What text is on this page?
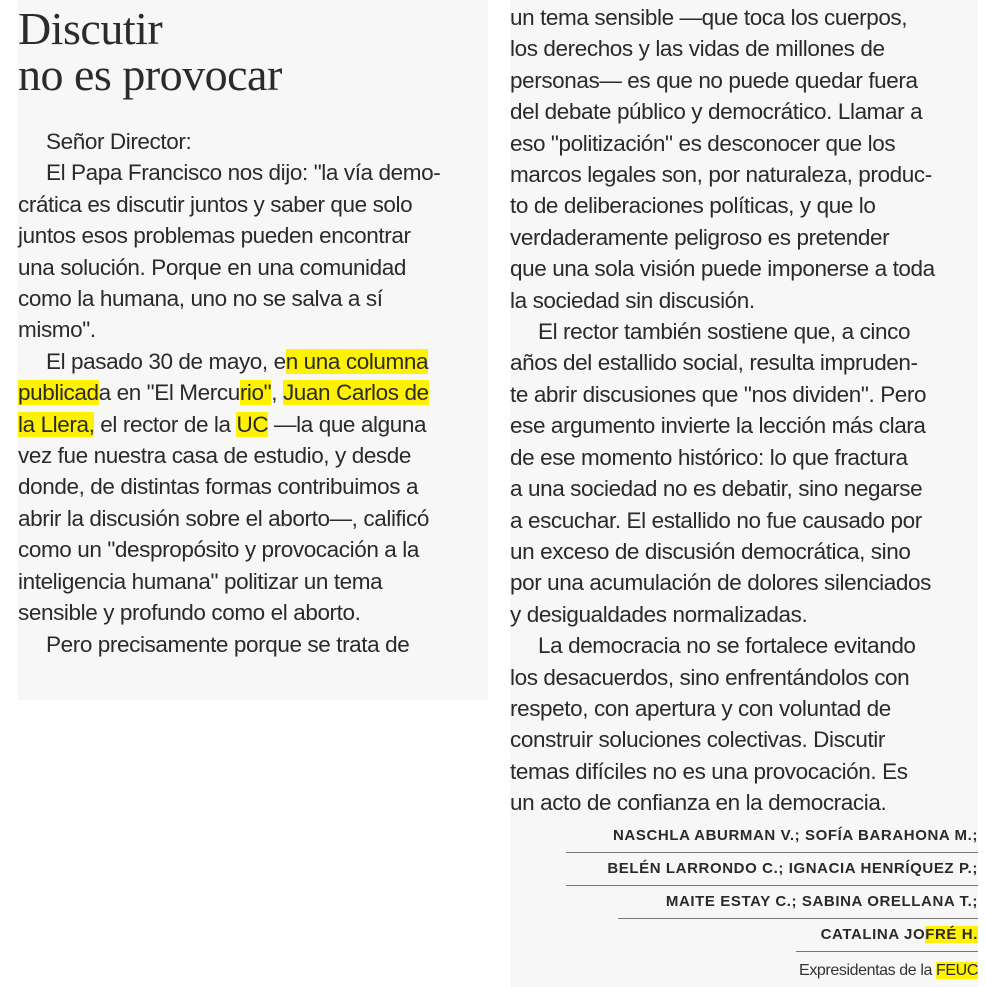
Discutir
no es provocar
Señor Director:
El Papa Francisco nos dijo: "la vía demo-
crática es discutir juntos y saber que solo
juntos esos problemas pueden encontrar
una solución. Porque en una comunidad
como la humana, uno no se salva a sí
mismo".
El pasado 30 de mayo, en una columna
publicada en "El Mercurio", Juan Carlos de
la Llera, el rector de la UC —la que alguna
vez fue nuestra casa de estudio, y desde
donde, de distintas formas contribuimos a
abrir la discusión sobre el aborto—, calificó
como un "despropósito y provocación a la
inteligencia humana" politizar un tema
sensible y profundo como el aborto.
Pero precisamente porque se trata de
un tema sensible —que toca los cuerpos,
los derechos y las vidas de millones de
personas— es que no puede quedar fuera
del debate público y democrático. Llamar a
eso "politización" es desconocer que los
marcos legales son, por naturaleza, produc-
to de deliberaciones políticas, y que lo
verdaderamente peligroso es pretender
que una sola visión puede imponerse a toda
la sociedad sin discusión.
El rector también sostiene que, a cinco
años del estallido social, resulta impruden-
te abrir discusiones que "nos dividen". Pero
ese argumento invierte la lección más clara
de ese momento histórico: lo que fractura
a una sociedad no es debatir, sino negarse
a escuchar. El estallido no fue causado por
un exceso de discusión democrática, sino
por una acumulación de dolores silenciados
y desigualdades normalizadas.
La democracia no se fortalece evitando
los desacuerdos, sino enfrentándolos con
respeto, con apertura y con voluntad de
construir soluciones colectivas. Discutir
temas difíciles no es una provocación. Es
un acto de confianza en la democracia.
NASCHLA ABURMAN V.; SOFÍA BARAHONA M.;
BELÉN LARRONDO C.; IGNACIA HENRÍQUEZ P.;
MAITE ESTAY C.; SABINA ORELLANA T.;
CATALINA JOFRÉ H.
Expresidentas de la FEUC
